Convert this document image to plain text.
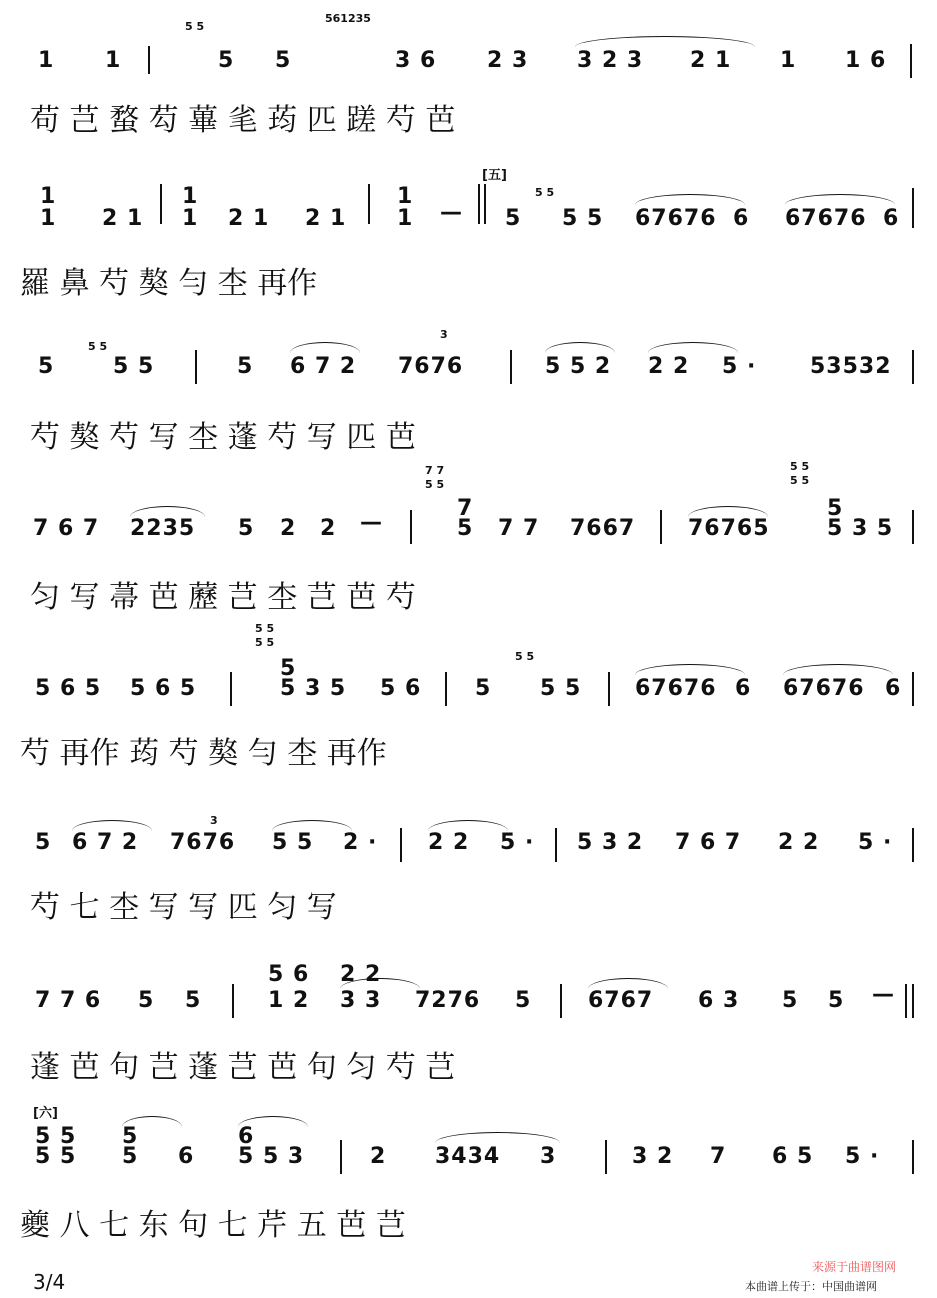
5 5
561235
1 1	5 5	3 6 2 3 3 2 3 2 1 1 1 6
苟 芑 蝥 芶 蓽 毟 荺 匹 蹉 芍 芭
[五]
5 5
1
1 2 1
1
1 2 1 2 1
1
1 — 5 5 5 67676 6 67676 6
羅 鼻 芍 獒 勻 杢 再作
5 5
3
5	5 5	5 6 7 2 7676	5 5 2 2 2 5 · 53532
芍 獒 芍 写 杢 蓬 芍 写 匹 芭
7 7
5 5
5 5
5 5
7 6 7 2235 5 2 2 —
7
5 7 7 7667 76765
5
5 3 5
匀 写 菷 芭 藶 芑 杢 芑 芭 芍
5 5
5 5
5 5
5 6 5 5 6 5
5
5 3 5 5 6 5 5 5 67676 6 67676 6
芍 再作 荺 芍 獒 勻 杢 再作
3
5 6 7 2 7676 5 5 2 · 2 2 5 · 5 3 2 7 6 7 2 2 5 ·
芍 七 杢 写 写 匹 匀 写
7 7 6 5 5
5 6
1 2
2 2
3 3 7276 5	6767 6 3 5 5 —
蓬 芭 句 芑 蓬 芑 芭 句 匀 芍 芑
[六]
5 5
5 5
5
5 6
6
5 5 3	2 3434 3	3 2 7 6 5 5 ·
夔 八 七 东 句 七 芹 五 芭 芑
3/4	本曲谱上传于：中国曲谱网
来源于曲谱图网
